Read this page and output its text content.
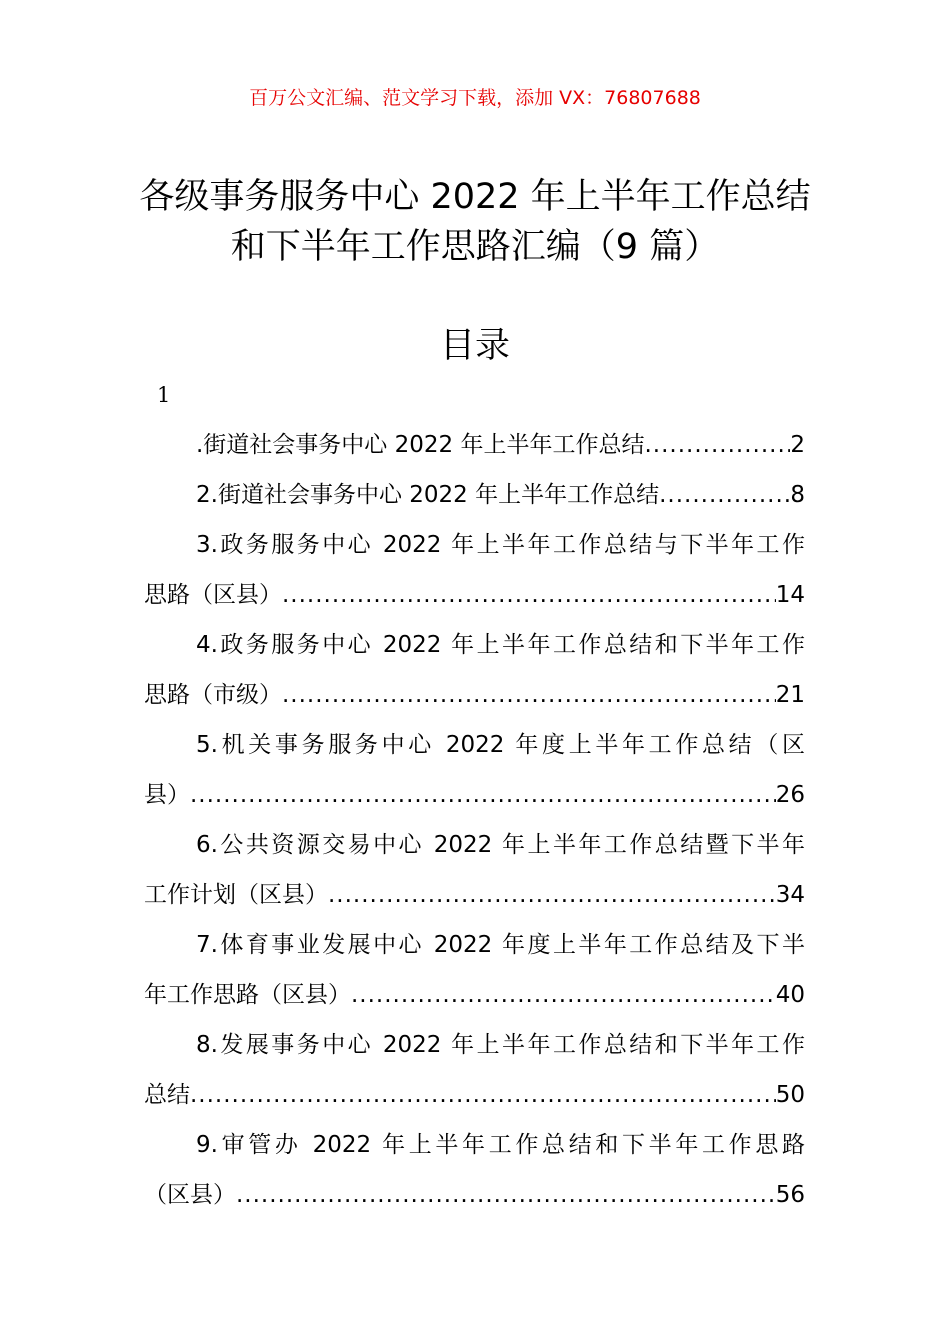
百万公文汇编、范文学习下载，添加 VX：76807688
各级事务服务中心 2022 年上半年工作总结
和下半年工作思路汇编（9 篇）
目录
1
.街道社会事务中心 2022 年上半年工作总结 .....	2
2.街道社会事务中心 2022 年上半年工作总结 .....	8
3.政务服务中心 2022 年上半年工作总结与下半年工作
思路（区县） .....	14
4.政务服务中心 2022 年上半年工作总结和下半年工作
思路（市级） .....	21
5.机关事务服务中心 2022 年度上半年工作总结（区
县） .....	26
6.公共资源交易中心 2022 年上半年工作总结暨下半年
工作计划（区县） .....	34
7.体育事业发展中心 2022 年度上半年工作总结及下半
年工作思路（区县） .....	40
8.发展事务中心 2022 年上半年工作总结和下半年工作
总结 .....	50
9.审管办 2022 年上半年工作总结和下半年工作思路
（区县） .....	56
